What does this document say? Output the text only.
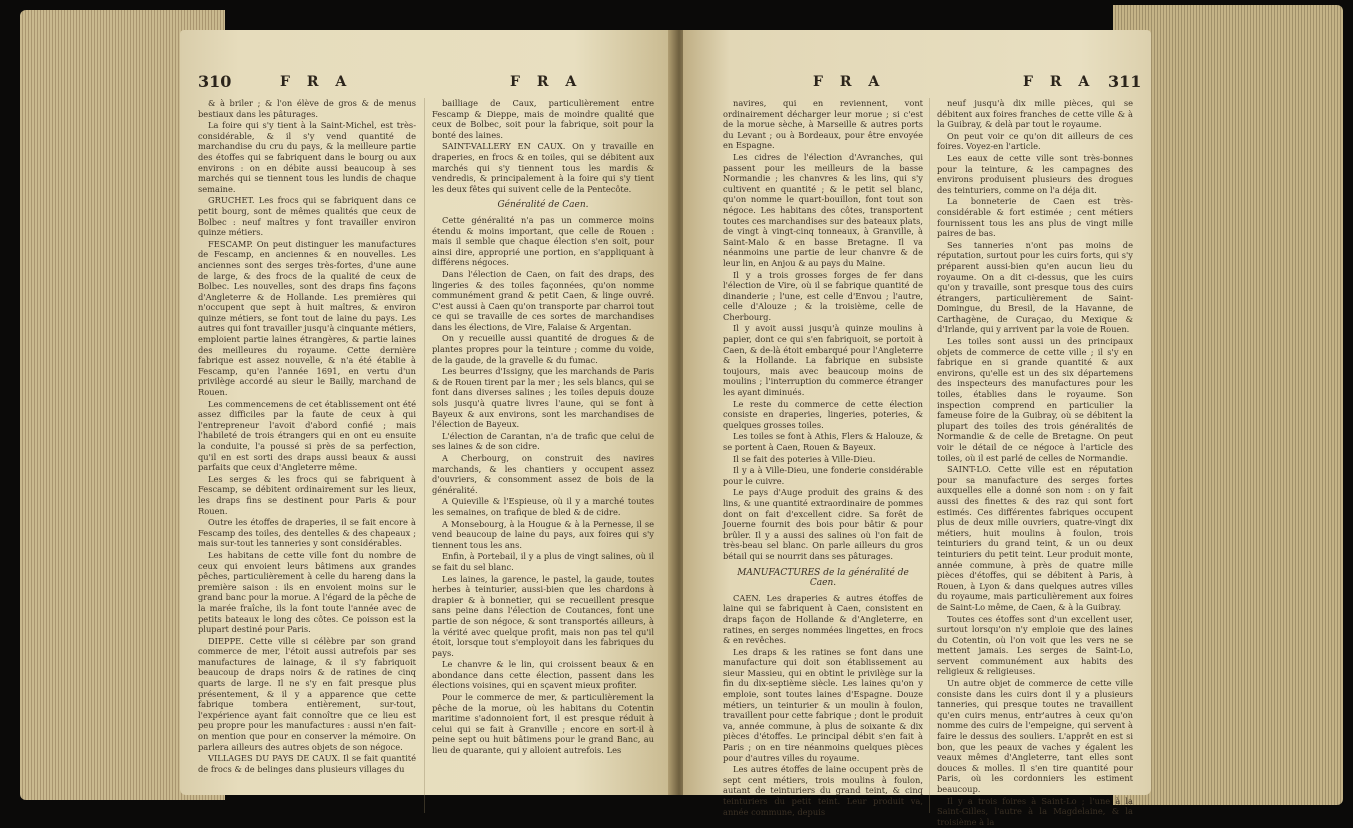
310	F R A	F R A

& à briler ; & l'on élève de gros & de menus bestiaux dans les pâturages.

La foire qui s'y tient à la Saint-Michel, est très-considérable, & il s'y vend quantité de marchandise du cru du pays, & la meilleure partie des étoffes qui se fabriquent dans le bourg ou aux environs : on en débite aussi beaucoup à ses marchés qui se tiennent tous les lundis de chaque semaine.

GRUCHET. Les frocs qui se fabriquent dans ce petit bourg, sont de mêmes qualités que ceux de Bolbec : neuf maîtres y font travailler environ quinze métiers.

FESCAMP. On peut distinguer les manufactures de Fescamp, en anciennes & en nouvelles. Les anciennes sont des serges très-fortes, d'une aune de large, & des frocs de la qualité de ceux de Bolbec. Les nouvelles, sont des draps fins façons d'Angleterre & de Hollande. Les premières qui n'occupent que sept à huit maîtres, & environ quinze métiers, se font tout de laine du pays. Les autres qui font travailler jusqu'à cinquante métiers, emploient partie laines étrangères, & partie laines des meilleures du royaume. Cette dernière fabrique est assez nouvelle, & n'a été établie à Fescamp, qu'en l'année 1691, en vertu d'un privilège accordé au sieur le Bailly, marchand de Rouen.

Les commencemens de cet établissement ont été assez difficiles par la faute de ceux à qui l'entrepreneur l'avoit d'abord confié ; mais l'habileté de trois étrangers qui en ont eu ensuite la conduite, l'a poussé si près de sa perfection, qu'il en est sorti des draps aussi beaux & aussi parfaits que ceux d'Angleterre même.

Les serges & les frocs qui se fabriquent à Fescamp, se débitent ordinairement sur les lieux, les draps fins se destinent pour Paris & pour Rouen.

Outre les étoffes de draperies, il se fait encore à Fescamp des toiles, des dentelles & des chapeaux ; mais sur-tout les tanneries y sont considérables.

Les habitans de cette ville font du nombre de ceux qui envoient leurs bâtimens aux grandes pêches, particulièrement à celle du hareng dans la première saison : ils en envoient moins sur le grand banc pour la morue. A l'égard de la pêche de la marée fraîche, ils la font toute l'année avec de petits bateaux le long des côtes. Ce poisson est la plupart destiné pour Paris.

DIEPPE. Cette ville si célèbre par son grand commerce de mer, l'étoit aussi autrefois par ses manufactures de lainage, & il s'y fabriquoit beaucoup de draps noirs & de ratines de cinq quarts de large. Il ne s'y en fait presque plus présentement, & il y a apparence que cette fabrique tombera entièrement, sur-tout, l'expérience ayant fait connoître que ce lieu est peu propre pour les manufactures : aussi n'en fait-on mention que pour en conserver la mémoire. On parlera ailleurs des autres objets de son négoce.

VILLAGES DU PAYS DE CAUX. Il se fait quantité de frocs & de belinges dans plusieurs villages du

bailliage de Caux, particulièrement entre Fescamp & Dieppe, mais de moindre qualité que ceux de Bolbec, soit pour la fabrique, soit pour la bonté des laines.

SAINT-VALLERY EN CAUX. On y travaille en draperies, en frocs & en toiles, qui se débitent aux marchés qui s'y tiennent tous les mardis & vendredis, & principalement à la foire qui s'y tient les deux fêtes qui suivent celle de la Pentecôte.

Généralité de Caen.

Cette généralité n'a pas un commerce moins étendu & moins important, que celle de Rouen : mais il semble que chaque élection s'en soit, pour ainsi dire, approprié une portion, en s'appliquant à différens négoces.

Dans l'élection de Caen, on fait des draps, des lingeries & des toiles façonnées, qu'on nomme communément grand & petit Caen, & linge ouvré. C'est aussi à Caen qu'on transporte par charroi tout ce qui se travaille de ces sortes de marchandises dans les élections, de Vire, Falaise & Argentan.

On y recueille aussi quantité de drogues & de plantes propres pour la teinture ; comme du voide, de la gaude, de la gravelle & du fumac.

Les beurres d'Issigny, que les marchands de Paris & de Rouen tirent par la mer ; les sels blancs, qui se font dans diverses salines ; les toiles depuis douze sols jusqu'à quatre livres l'aune, qui se font à Bayeux & aux environs, sont les marchandises de l'élection de Bayeux.

L'élection de Carantan, n'a de trafic que celui de ses laines & de son cidre.

A Cherbourg, on construit des navires marchands, & les chantiers y occupent assez d'ouvriers, & consomment assez de bois de la généralité.

A Quieville & l'Espieuse, où il y a marché toutes les semaines, on trafique de bled & de cidre.

A Monsebourg, à la Hougue & à la Pernesse, il se vend beaucoup de laine du pays, aux foires qui s'y tiennent tous les ans.

Enfin, à Portebail, il y a plus de vingt salines, où il se fait du sel blanc.

Les laines, la garence, le pastel, la gaude, toutes herbes à teinturier, aussi-bien que les chardons à drapier & à bonnetier, qui se recueillent presque sans peine dans l'élection de Coutances, font une partie de son négoce, & sont transportés ailleurs, à la vérité avec quelque profit, mais non pas tel qu'il étoit, lorsque tout s'employoit dans les fabriques du pays.

Le chanvre & le lin, qui croissent beaux & en abondance dans cette élection, passent dans les élections voisines, qui en sçavent mieux profiter.

Pour le commerce de mer, & particulièrement la pêche de la morue, où les habitans du Cotentin maritime s'adonnoient fort, il est presque réduit à celui qui se fait à Granville ; encore en sort-il à peine sept ou huit bâtimens pour le grand Banc, au lieu de quarante, qui y alloient autrefois. Les

F R A	F R A 311

navires, qui en reviennent, vont ordinairement décharger leur morue ; si c'est de la morue sèche, à Marseille & autres ports du Levant ; ou à Bordeaux, pour être envoyée en Espagne.

Les cidres de l'élection d'Avranches, qui passent pour les meilleurs de la basse Normandie ; les chanvres & les lins, qui s'y cultivent en quantité ; & le petit sel blanc, qu'on nomme le quart-bouillon, font tout son négoce. Les habitans des côtes, transportent toutes ces marchandises sur des bateaux plats, de vingt à vingt-cinq tonneaux, à Granville, à Saint-Malo & en basse Bretagne. Il va néanmoins une partie de leur chanvre & de leur lin, en Anjou & au pays du Maine.

Il y a trois grosses forges de fer dans l'élection de Vire, où il se fabrique quantité de dinanderie ; l'une, est celle d'Envou ; l'autre, celle d'Alouze ; & la troisième, celle de Cherbourg.

Il y avoit aussi jusqu'à quinze moulins à papier, dont ce qui s'en fabriquoit, se portoit à Caen, & de-là étoit embarqué pour l'Angleterre & la Hollande. La fabrique en subsiste toujours, mais avec beaucoup moins de moulins ; l'interruption du commerce étranger les ayant diminués.

Le reste du commerce de cette élection consiste en draperies, lingeries, poteries, & quelques grosses toiles.

Les toiles se font à Athis, Flers & Halouze, & se portent à Caen, Rouen & Bayeux.

Il se fait des poteries à Ville-Dieu.

Il y a à Ville-Dieu, une fonderie considérable pour le cuivre.

Le pays d'Auge produit des grains & des lins, & une quantité extraordinaire de pommes dont on fait d'excellent cidre. Sa forêt de Jouerne fournit des bois pour bâtir & pour brûler. Il y a aussi des salines où l'on fait de très-beau sel blanc. On parle ailleurs du gros bétail qui se nourrit dans ses pâturages.

MANUFACTURES de la généralité de Caen.

CAEN. Les draperies & autres étoffes de laine qui se fabriquent à Caen, consistent en draps façon de Hollande & d'Angleterre, en ratines, en serges nommées lingettes, en frocs & en revêches.

Les draps & les ratines se font dans une manufacture qui doit son établissement au sieur Massieu, qui en obtint le privilège sur la fin du dix-septième siècle. Les laines qu'on y emploie, sont toutes laines d'Espagne. Douze métiers, un teinturier & un moulin à foulon, travaillent pour cette fabrique ; dont le produit va, année commune, à plus de soixante & dix pièces d'étoffes. Le principal débit s'en fait à Paris ; on en tire néanmoins quelques pièces pour d'autres villes du royaume.

Les autres étoffes de laine occupent près de sept cent métiers, trois moulins à foulon, autant de teinturiers du grand teint, & cinq teinturiers du petit teint. Leur produit va, année commune, depuis

neuf jusqu'à dix mille pièces, qui se débitent aux foires franches de cette ville & à la Guibray, & delà par tout le royaume.

On peut voir ce qu'on dit ailleurs de ces foires. Voyez-en l'article.

Les eaux de cette ville sont très-bonnes pour la teinture, & les campagnes des environs produisent plusieurs des drogues des teinturiers, comme on l'a déja dit.

La bonneterie de Caen est très-considérable & fort estimée ; cent métiers fournissent tous les ans plus de vingt mille paires de bas.

Ses tanneries n'ont pas moins de réputation, surtout pour les cuirs forts, qui s'y préparent aussi-bien qu'en aucun lieu du royaume. On a dit ci-dessus, que les cuirs qu'on y travaille, sont presque tous des cuirs étrangers, particulièrement de Saint-Domingue, du Bresil, de la Havanne, de Carthagène, de Curaçao, du Mexique & d'Irlande, qui y arrivent par la voie de Rouen.

Les toiles sont aussi un des principaux objets de commerce de cette ville ; il s'y en fabrique en si grande quantité & aux environs, qu'elle est un des six départemens des inspecteurs des manufactures pour les toiles, établies dans le royaume. Son inspection comprend en particulier la fameuse foire de la Guibray, où se débitent la plupart des toiles des trois généralités de Normandie & de celle de Bretagne. On peut voir le détail de ce négoce à l'article des toiles, où il est parlé de celles de Normandie.

SAINT-LO. Cette ville est en réputation pour sa manufacture des serges fortes auxquelles elle a donné son nom : on y fait aussi des finettes & des raz qui sont fort estimés. Ces différentes fabriques occupent plus de deux mille ouvriers, quatre-vingt dix métiers, huit moulins à foulon, trois teinturiers du grand teint, & un ou deux teinturiers du petit teint. Leur produit monte, année commune, à près de quatre mille pièces d'étoffes, qui se débitent à Paris, à Rouen, à Lyon & dans quelques autres villes du royaume, mais particulièrement aux foires de Saint-Lo même, de Caen, & à la Guibray.

Toutes ces étoffes sont d'un excellent user, surtout lorsqu'on n'y emploie que des laines du Cotentin, où l'on voit que les vers ne se mettent jamais. Les serges de Saint-Lo, servent communément aux habits des religieux & religieuses.

Un autre objet de commerce de cette ville consiste dans les cuirs dont il y a plusieurs tanneries, qui presque toutes ne travaillent qu'en cuirs menus, entr'autres à ceux qu'on nomme des cuirs de l'empeigne, qui servent à faire le dessus des souliers. L'apprêt en est si bon, que les peaux de vaches y égalent les veaux mêmes d'Angleterre, tant elles sont douces & molles. Il s'en tire quantité pour Paris, où les cordonniers les estiment beaucoup.

Il y a trois foires à Saint-Lo ; l'une à la Saint-Gilles, l'autre à la Magdelaine, & la troisième à la
